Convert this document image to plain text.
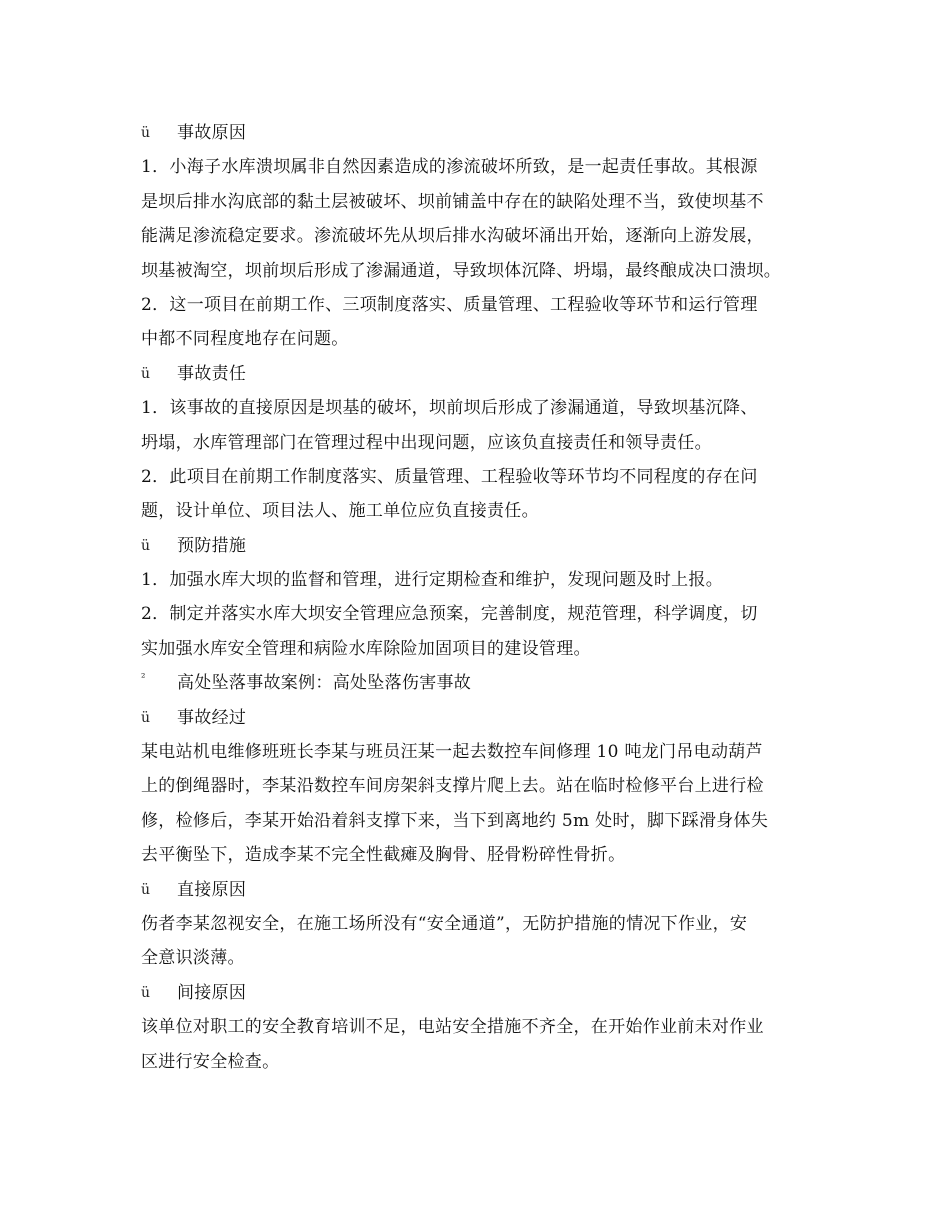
ü	事故原因
1．小海子水库溃坝属非自然因素造成的渗流破坏所致，是一起责任事故。其根源
是坝后排水沟底部的黏土层被破坏、坝前铺盖中存在的缺陷处理不当，致使坝基不
能满足渗流稳定要求。渗流破坏先从坝后排水沟破坏涌出开始，逐渐向上游发展，
坝基被淘空，坝前坝后形成了渗漏通道，导致坝体沉降、坍塌，最终酿成决口溃坝。
2．这一项目在前期工作、三项制度落实、质量管理、工程验收等环节和运行管理
中都不同程度地存在问题。
ü	事故责任
1．该事故的直接原因是坝基的破坏，坝前坝后形成了渗漏通道，导致坝基沉降、
坍塌，水库管理部门在管理过程中出现问题，应该负直接责任和领导责任。
2．此项目在前期工作制度落实、质量管理、工程验收等环节均不同程度的存在问
题，设计单位、项目法人、施工单位应负直接责任。
ü	预防措施
1．加强水库大坝的监督和管理，进行定期检查和维护，发现问题及时上报。
2．制定并落实水库大坝安全管理应急预案，完善制度，规范管理，科学调度，切
实加强水库安全管理和病险水库除险加固项目的建设管理。
²	高处坠落事故案例：高处坠落伤害事故
ü	事故经过
某电站机电维修班班长李某与班员汪某一起去数控车间修理 10 吨龙门吊电动葫芦
上的倒绳器时，李某沿数控车间房架斜支撑片爬上去。站在临时检修平台上进行检
修，检修后，李某开始沿着斜支撑下来，当下到离地约 5m 处时，脚下踩滑身体失
去平衡坠下，造成李某不完全性截瘫及胸骨、胫骨粉碎性骨折。
ü	直接原因
伤者李某忽视安全，在施工场所没有“安全通道”，无防护措施的情况下作业，安
全意识淡薄。
ü	间接原因
该单位对职工的安全教育培训不足，电站安全措施不齐全，在开始作业前未对作业
区进行安全检查。
